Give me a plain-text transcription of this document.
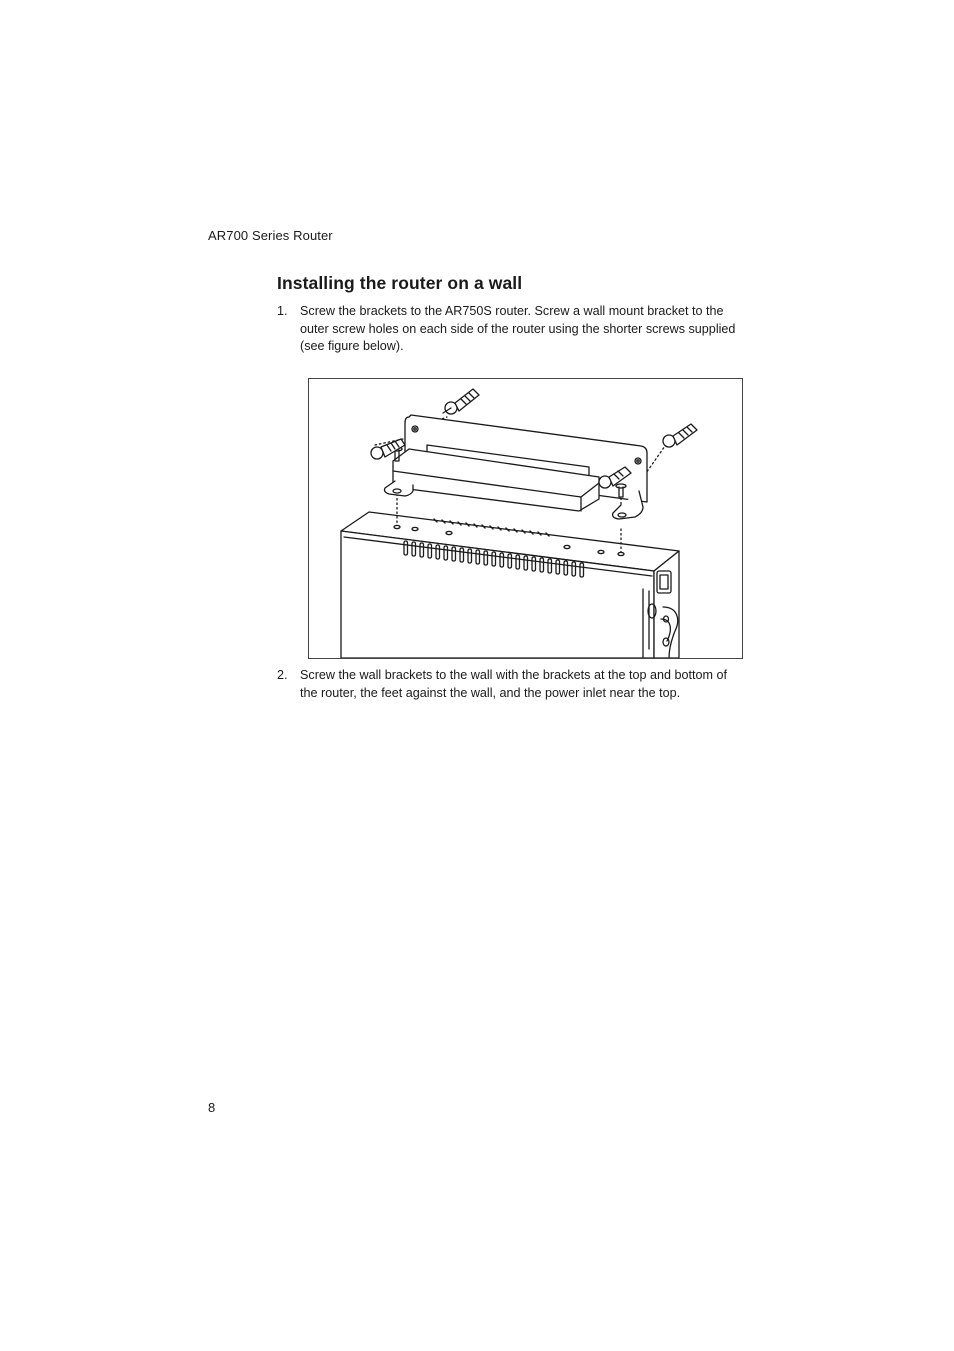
AR700 Series Router
Installing the router on a wall
1. Screw the brackets to the AR750S router. Screw a wall mount bracket to the outer screw holes on each side of the router using the shorter screws supplied (see figure below).
2. Screw the wall brackets to the wall with the brackets at the top and bottom of the router, the feet against the wall, and the power inlet near the top.
8
